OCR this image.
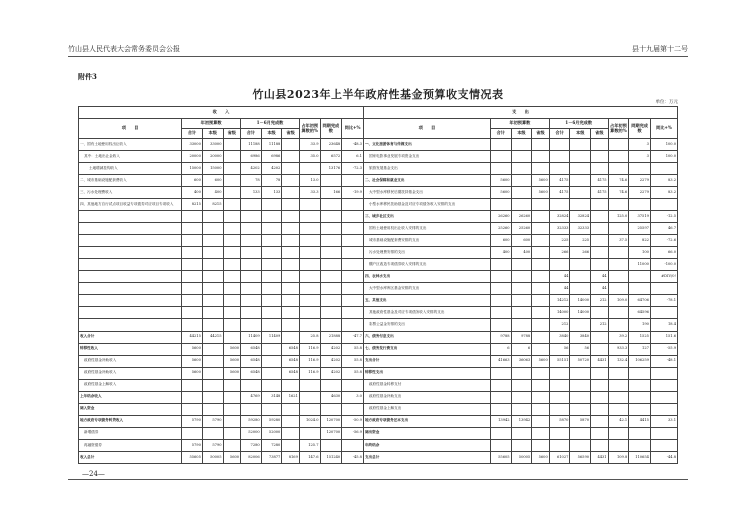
竹山县人民代表大会常务委员会公报	县十九届第十二号
附件3
竹山县2023年上半年政府性基金预算收支情况表
单位：万元
收　　入										支　　出									
项　　目	年初预算数			1－6月完成数			占年初预算数的%	同期完成数	同比+%	项　　目	年初预算数			1－6月完成数			占年初预算数的%	同期完成数	同比+%
	合计	本级	省级	合计	本级	省级					合计	本级	省级	合计	本级	省级			
一、国有土地使用权出让收入	33000	33000		11188	11188		33.9	23648	-48.3	一、文化旅游体育与传媒支出								3	100.0
其中：土地出让金收入	20000	20000		6986	6986		35.0	6572	6.1	国家电影事业发展专项资金支出								3	100.0
土地增减挂钩收入	15000	15000		4202	4202			13176	-72.3	旅游发展基金支出									
二、城市基础设施配套费收入	600	600		78	78		13.0			二、社会保障和就业支出	5600		5600	4175		4175	74.6	2279	83.2
三、污水处理费收入	400	400		133	133		33.3	166	-19.9	大中型水库移民后期扶持基金支出	5600		5600	4175		4175	74.6	2279	83.2
四、其他地方自行试点项目收益专项债券对应项目专项收入	8215	8215								小型水库移民扶助基金及对应专项债务收入安排的支出									
										三、城乡社区支出	26260	26260		32824	32824		125.0	37519	-12.5
										国有土地使用权出让收入安排的支出	25260	25260		32333	32333			25597	46.7
										城市基础设施配套费安排的支出	600	600		225	225		37.5	822	-72.6
										污水处理费安排的支出	400	400		266	266			100	66.0
										棚户区改造专项债券收入安排的支出								11000	-100.0
										四、农林水支出				44		44			#DIV/0!
										大中型水库库区基金安排的支出				44		44			
										五、其他支出				14212	14000	212	109.0	64706	-78.1
										其他政府性基金及对应专项债务收入安排的支出				14000	14000			64596	
										彩票公益金安排的支出				212		212		190	18.4
收入合计	44215	44215		11409	11409		25.8	21888	-47.7	六、债务付息支出	9788	9788		3840	3840		39.2	1525	151.6
转移性收入	5600		5600	6548		6548	116.9	4202	55.8	七、债务发行费支出	6	6		56	56		933.3	127	-55.9
政府性基金补助收入	5600		5600	6548		6548	116.9	4202	55.8	支出合计	41663	36063	5600	55151	50720	4431	132.4	106259	-48.1
政府性基金补助收入	5600		5600	6548		6548	116.9	4202	55.8	转移性支出									
政府性基金上解收入										政府性基金转移支付									
上年结余收入				4769	3148	1621		4630	3.0	政府性基金补助支出									
调入资金										政府性基金上解支出									
地方政府专项债务转贷收入	5790	5790		59280	59280		1024.0	120700	-50.9	地方政府专项债务还本支出	13942	13942		5870	5870		42.1	4415	33.1
新增债券				52000	52000			120700	-56.9	调出资金									
再融资债券	5790	5790		7280	7280		125.7			年终结余									
收入总计	55605	50005	5600	82006	73877	8169	147.6	151240	-45.8	支出总计	55605	50005	5600	61027	56590	4431	109.8	110654	-44.8
—24—
